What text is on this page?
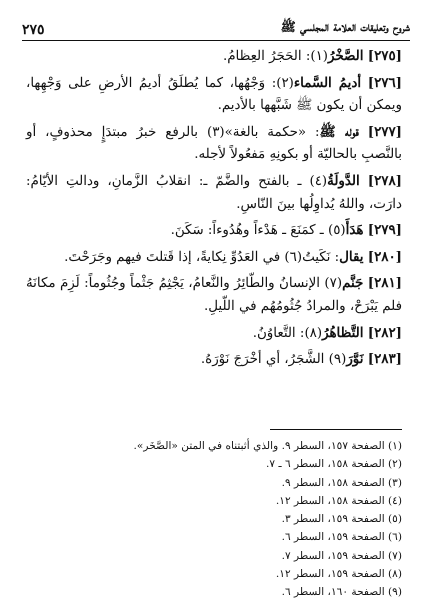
شروح وتعليقات العلامة المجلسي ﷺ
٢٧٥

[٢٧٥] الصَّخْرُ(١): الحَجَرُ العِظامُ.

[٢٧٦] أديمُ السَّماء(٢): وَجْهُها، كما يُطلَقُ أديمُ الأرضِ على وَجْهِها، ويمكن أن يكون ﷺ شَبَّهها بالأديم.

[٢٧٧] قوله ﷺ: «حكمة بالغة»(٣) بالرفع خبرُ مبتدَإٍ محذوفٍ، أو بالنَّصبِ بالحاليّة أو بكونِهِ مَفعُولاً لأجله.

[٢٧٨] الدَّولَةُ(٤) ـ بالفتح والضَّمّ ـ: انقلابُ الزَّمانِ، ودالتِ الأيّامُ: دارَت، واللهُ يُداوِلُها بينَ النّاسِ.

[٢٧٩] هَدَأَ(٥) ـ كمَنَعَ ـ هَدْءاً وهُدُوءاً: سَكَنَ.

[٢٨٠] يقال: نَكَيتُ(٦) في العَدُوِّ نِكايةً، إذا قَتلتَ فيهم وجَرَحْتَ.

[٢٨١] جَنَّم(٧) الإنسانُ والطّائِرُ والنَّعامُ، يَجْثِمُ جَثْماً وجُثُوماً: لَزِمَ مكانَهُ فلم يَبْرَحْ، والمرادُ جُثُومُهُم في اللّيلِ.

[٢٨٢] التَّظاهُرُ(٨): التَّعاوُنُ.

[٢٨٣] نَوَّرَ(٩) الشَّجَرُ، أي أخْرَجَ نَوْرَهُ.

(١) الصفحة ١٥٧، السطر ٩. والذي أثبتناه في المتن «الصَّخَر».
(٢) الصفحة ١٥٨، السطر ٦ ـ ٧.
(٣) الصفحة ١٥٨، السطر ٩.
(٤) الصفحة ١٥٨، السطر ١٢.
(٥) الصفحة ١٥٩، السطر ٣.
(٦) الصفحة ١٥٩، السطر ٦.
(٧) الصفحة ١٥٩، السطر ٧.
(٨) الصفحة ١٥٩، السطر ١٢.
(٩) الصفحة ١٦٠، السطر ٦.
